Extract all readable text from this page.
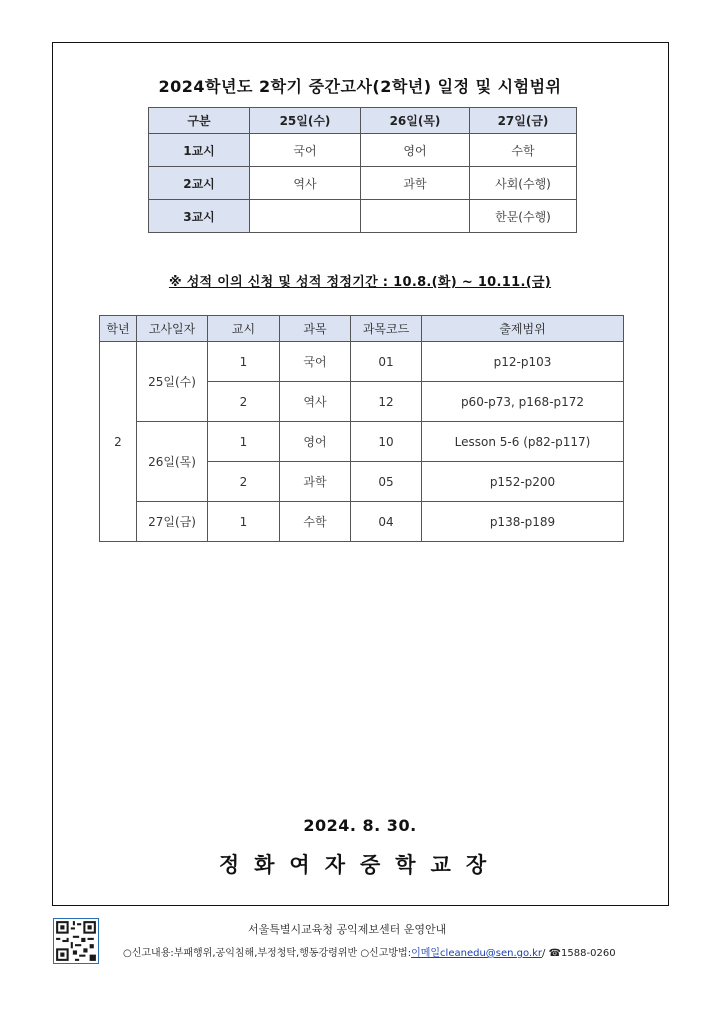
2024학년도 2학기 중간고사(2학년) 일정 및 시험범위
구분	25일(수)	26일(목)	27일(금)
1교시	국어	영어	수학
2교시	역사	과학	사회(수행)
3교시			한문(수행)
※ 성적 이의 신청 및 성적 정정기간 : 10.8.(화) ~ 10.11.(금)
학년	고사일자	교시	과목	과목코드	출제범위
2	25일(수)	1	국어	01	p12-p103
		2	역사	12	p60-p73, p168-p172
	26일(목)	1	영어	10	Lesson 5-6 (p82-p117)
		2	과학	05	p152-p200
	27일(금)	1	수학	04	p138-p189
2024. 8. 30.
정화여자중학교장
서울특별시교육청 공익제보센터 운영안내
○신고내용:부패행위,공익침해,부정청탁,행동강령위반 ○신고방법:이메일cleanedu@sen.go.kr/ ☎1588-0260
